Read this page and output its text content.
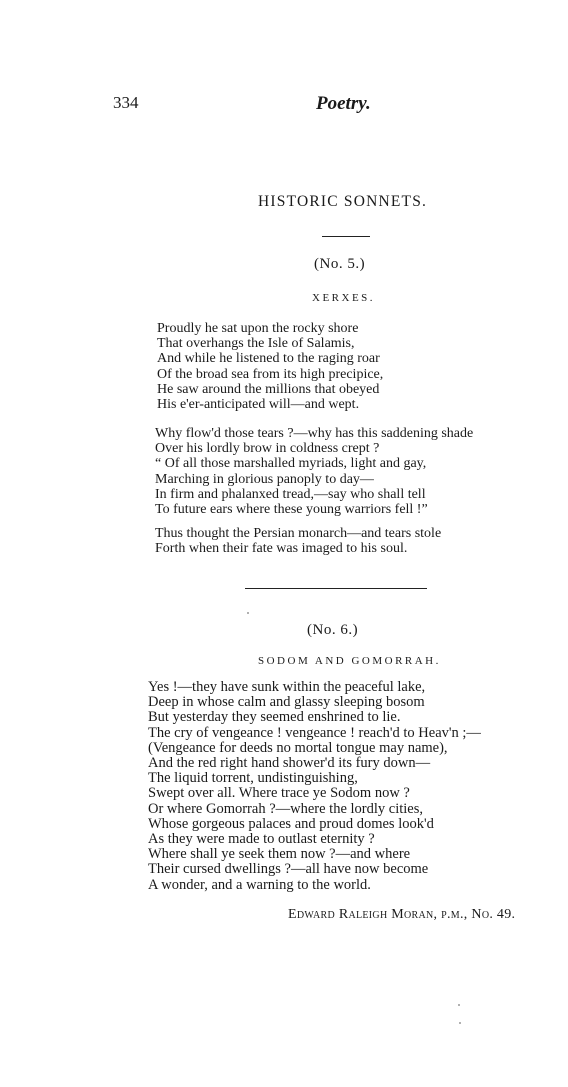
334	Poetry.
HISTORIC SONNETS.
(No. 5.)
XERXES.
Proudly he sat upon the rocky shore
That overhangs the Isle of Salamis,
And while he listened to the raging roar
Of the broad sea from its high precipice,
He saw around the millions that obeyed
His e'er-anticipated will—and wept.
Why flow'd those tears ?—why has this saddening shade
Over his lordly brow in coldness crept ?
“ Of all those marshalled myriads, light and gay,
Marching in glorious panoply to day—
In firm and phalanxed tread,—say who shall tell
To future ears where these young warriors fell !”
Thus thought the Persian monarch—and tears stole
Forth when their fate was imaged to his soul.
(No. 6.)
SODOM AND GOMORRAH.
Yes !—they have sunk within the peaceful lake,
Deep in whose calm and glassy sleeping bosom
But yesterday they seemed enshrined to lie.
The cry of vengeance ! vengeance ! reach'd to Heav'n ;—
(Vengeance for deeds no mortal tongue may name),
And the red right hand shower'd its fury down—
The liquid torrent, undistinguishing,
Swept over all. Where trace ye Sodom now ?
Or where Gomorrah ?—where the lordly cities,
Whose gorgeous palaces and proud domes look'd
As they were made to outlast eternity ?
Where shall ye seek them now ?—and where
Their cursed dwellings ?—all have now become
A wonder, and a warning to the world.
Edward Raleigh Moran, p.m., No. 49.
